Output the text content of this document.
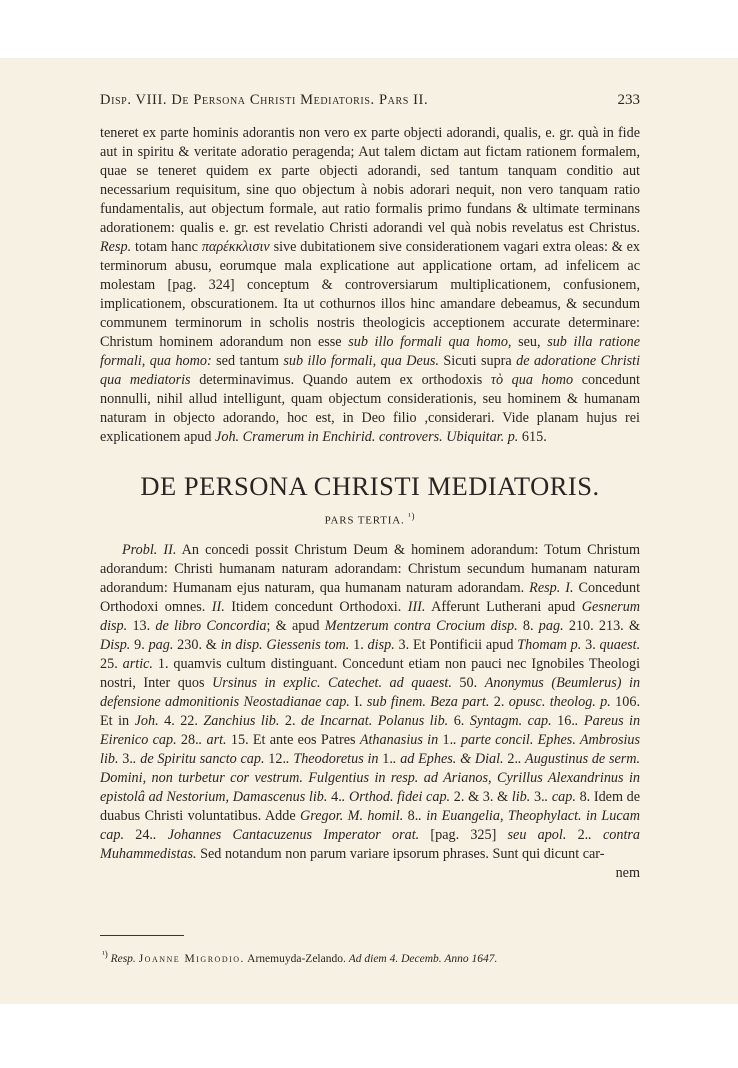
Disp. VIII. De Persona Christi Mediatoris. Pars II.	233

teneret ex parte hominis adorantis non vero ex parte objecti adorandi, qualis, e. gr. quà in fide aut in spiritu & veritate adoratio peragenda; Aut talem dictam aut fictam rationem formalem, quae se teneret quidem ex parte objecti adorandi, sed tantum tanquam conditio aut necessarium requisitum, sine quo objectum à nobis adorari nequit, non vero tanquam ratio fundamentalis, aut objectum formale, aut ratio formalis primo fundans & ultimate terminans adorationem: qualis e. gr. est revelatio Christi adorandi vel quà nobis revelatus est Christus. Resp. totam hanc παρέκκλισιν sive dubitationem sive considerationem vagari extra oleas: & ex terminorum abusu, eorumque mala explicatione aut applicatione ortam, ad infelicem ac molestam [pag. 324] conceptum & controversiarum multiplicationem, confusionem, implicationem, obscurationem. Ita ut cothurnos illos hinc amandare debeamus, & secundum communem terminorum in scholis nostris theologicis acceptionem accurate determinare: Christum hominem adorandum non esse sub illo formali qua homo, seu, sub illa ratione formali, qua homo: sed tantum sub illo formali, qua Deus. Sicuti supra de adoratione Christi qua mediatoris determinavimus. Quando autem ex orthodoxis τὸ qua homo concedunt nonnulli, nihil allud intelligunt, quam objectum considerationis, seu hominem & humanam naturam in objecto adorando, hoc est, in Deo filio ,considerari. Vide planam hujus rei explicationem apud Joh. Cramerum in Enchirid. controvers. Ubiquitar. p. 615.

DE PERSONA CHRISTI MEDIATORIS.
PARS TERTIA. $^{^1)}$

Probl. II. An concedi possit Christum Deum & hominem adorandum: Totum Christum adorandum: Christi humanam naturam adorandam: Christum secundum humanam naturam adorandum: Humanam ejus naturam, qua humanam naturam adorandam. Resp. I. Concedunt Orthodoxi omnes. II. Itidem concedunt Orthodoxi. III. Afferunt Lutherani apud Gesnerum disp. 13. de libro Concordia; & apud Mentzerum contra Crocium disp. 8. pag. 210. 213. & Disp. 9. pag. 230. & in disp. Giessenis tom. 1. disp. 3. Et Pontificii apud Thomam p. 3. quaest. 25. artic. 1. quamvis cultum distinguant. Concedunt etiam non pauci nec Ignobiles Theologi nostri, Inter quos Ursinus in explic. Catechet. ad quaest. 50. Anonymus (Beumlerus) in defensione admonitionis Neostadianae cap. I. sub finem. Beza part. 2. opusc. theolog. p. 106. Et in Joh. 4. 22. Zanchius lib. 2. de Incarnat. Polanus lib. 6. Syntagm. cap. 16.. Pareus in Eirenico cap. 28.. art. 15. Et ante eos Patres Athanasius in 1.. parte concil. Ephes. Ambrosius lib. 3.. de Spiritu sancto cap. 12.. Theodoretus in 1.. ad Ephes. & Dial. 2.. Augustinus de serm. Domini, non turbetur cor vestrum. Fulgentius in resp. ad Arianos, Cyrillus Alexandrinus in epistolâ ad Nestorium, Damascenus lib. 4.. Orthod. fidei cap. 2. & 3. & lib. 3.. cap. 8. Idem de duabus Christi voluntatibus. Adde Gregor. M. homil. 8.. in Euangelia, Theophylact. in Lucam cap. 24.. Johannes Cantacuzenus Imperator orat. [pag. 325] seu apol. 2.. contra Muhammedistas. Sed notandum non parum variare ipsorum phrases. Sunt qui dicunt car-

nem

$^{^1)}$ Resp. Joanne Migrodio. Arnemuyda-Zelando. Ad diem 4. Decemb. Anno 1647.
